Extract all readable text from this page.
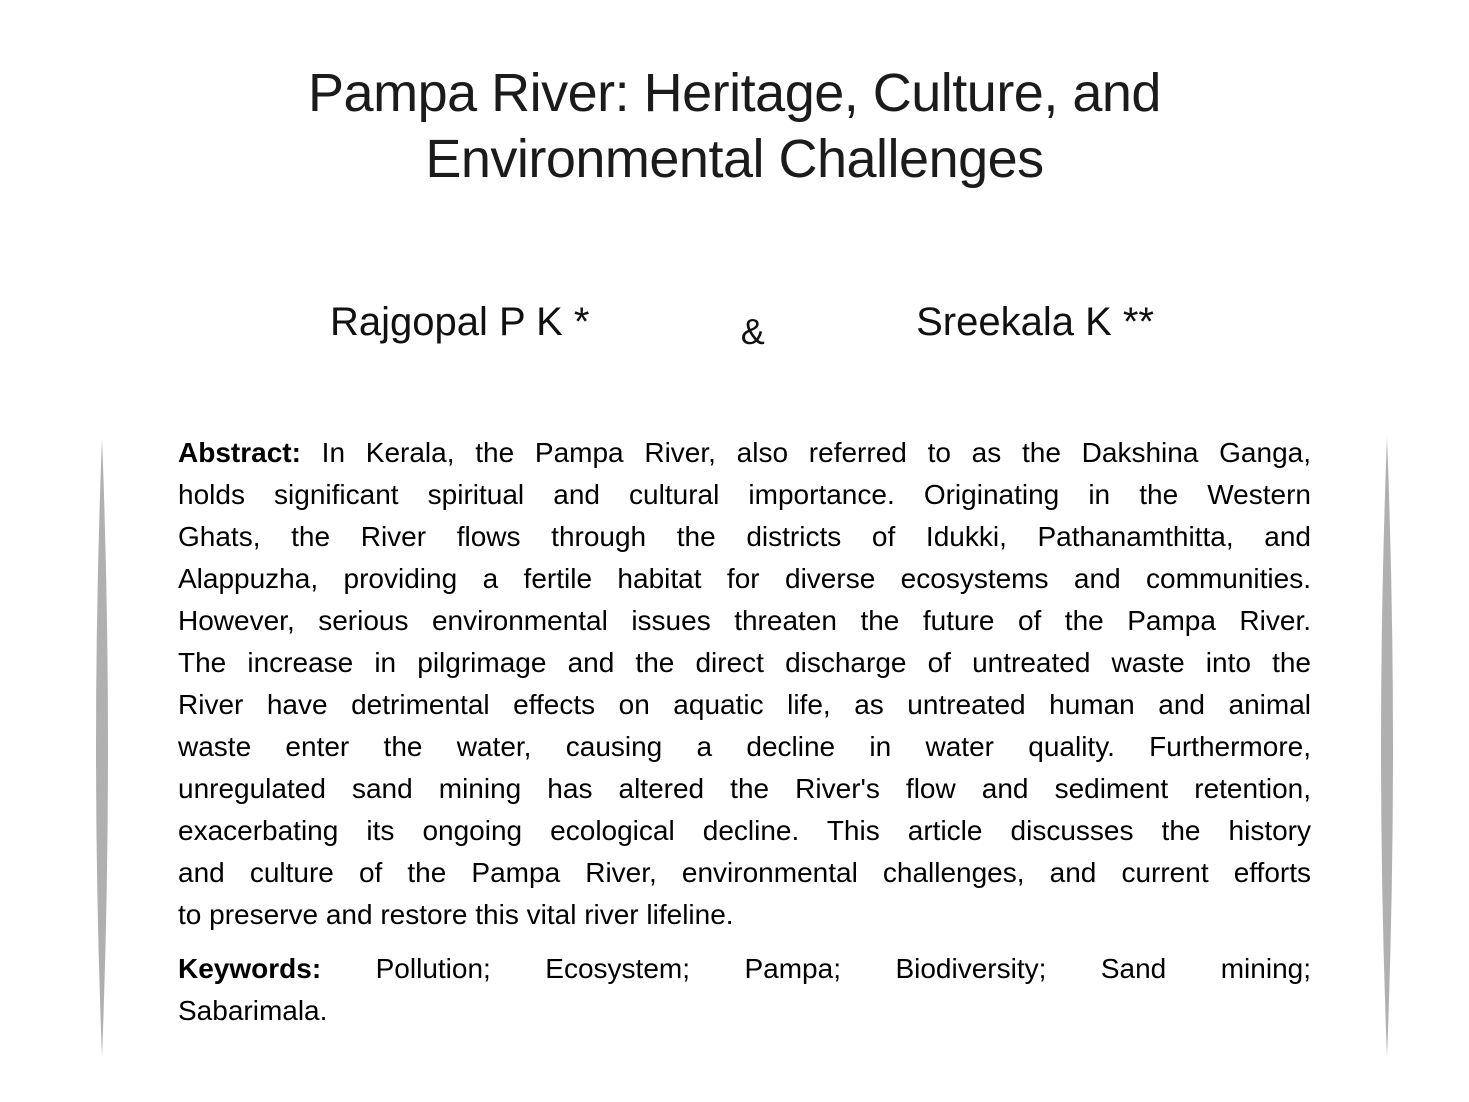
Pampa River: Heritage, Culture, and
Environmental Challenges
Rajgopal P K *	&	Sreekala K **
Abstract: In Kerala, the Pampa River, also referred to as the Dakshina Ganga,
holds significant spiritual and cultural importance. Originating in the Western
Ghats, the River flows through the districts of Idukki, Pathanamthitta, and
Alappuzha, providing a fertile habitat for diverse ecosystems and communities.
However, serious environmental issues threaten the future of the Pampa River.
The increase in pilgrimage and the direct discharge of untreated waste into the
River have detrimental effects on aquatic life, as untreated human and animal
waste enter the water, causing a decline in water quality. Furthermore,
unregulated sand mining has altered the River's flow and sediment retention,
exacerbating its ongoing ecological decline. This article discusses the history
and culture of the Pampa River, environmental challenges, and current efforts
to preserve and restore this vital river lifeline.
Keywords: Pollution; Ecosystem; Pampa; Biodiversity; Sand mining;
Sabarimala.
